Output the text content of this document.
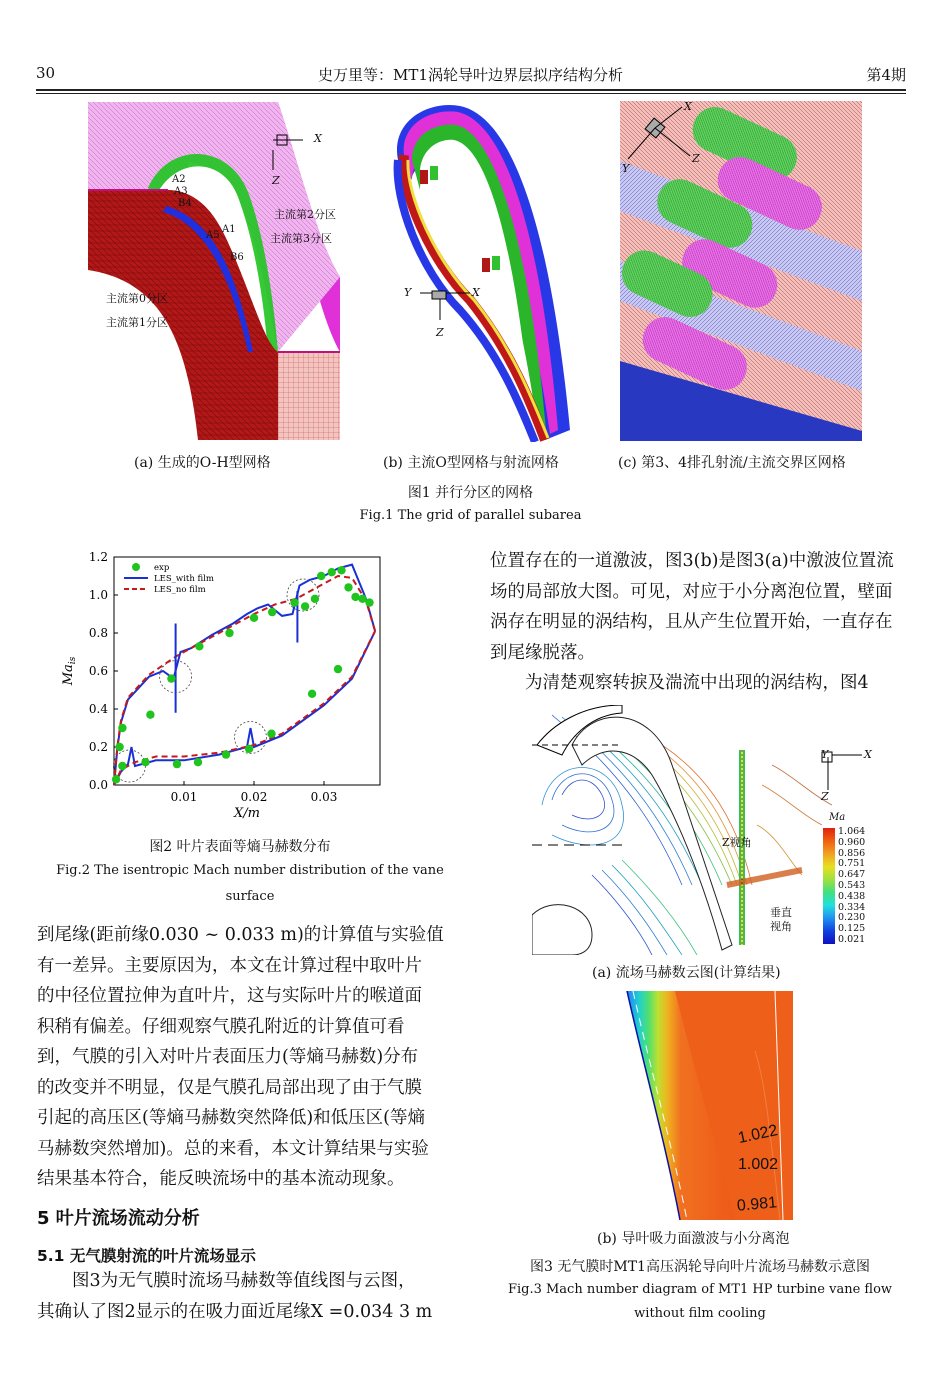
30	史万里等：MT1涡轮导叶边界层拟序结构分析	第4期
X
Z
A2
A3
B4
A5
A1
B6
主流第2分区
主流第3分区
主流第0分区
主流第1分区
(a) 生成的O-H型网格
Y	X
Z
(b) 主流O型网格与射流网格
X
Y
Z
(c) 第3、4排孔射流/主流交界区网格
图1 并行分区的网格
Fig.1 The grid of parallel subarea
0.0
0.2
0.4
0.6
0.8
1.0
1.2
0.01	0.02	0.03
X/m
$Ma_{is}$
exp
LES_with film
LES_no film
图2 叶片表面等熵马赫数分布
Fig.2 The isentropic Mach number distribution of the vane surface
到尾缘(距前缘0.030 ~ 0.033 m)的计算值与实验值
有一差异。主要原因为，本文在计算过程中取叶片
的中径位置拉伸为直叶片，这与实际叶片的喉道面
积稍有偏差。仔细观察气膜孔附近的计算值可看
到，气膜的引入对叶片表面压力(等熵马赫数)分布
的改变并不明显，仅是气膜孔局部出现了由于气膜
引起的高压区(等熵马赫数突然降低)和低压区(等熵
马赫数突然增加)。总的来看，本文计算结果与实验
结果基本符合，能反映流场中的基本流动现象。
5 叶片流场流动分析
5.1 无气膜射流的叶片流场显示
图3为无气膜时流场马赫数等值线图与云图，
其确认了图2显示的在吸力面近尾缘X =0.034 3 m
位置存在的一道激波，图3(b)是图3(a)中激波位置流
场的局部放大图。可见，对应于小分离泡位置，壁面
涡存在明显的涡结构，且从产生位置开始，一直存在
到尾缘脱落。
为清楚观察转捩及湍流中出现的涡结构，图4
X
Y
Z
Z视角
垂直
视角
Ma
1.064
0.960
0.856
0.751
0.647
0.543
0.438
0.334
0.230
0.125
0.021
(a) 流场马赫数云图(计算结果)
1.022
1.002
0.981
(b) 导叶吸力面激波与小分离泡
图3 无气膜时MT1高压涡轮导向叶片流场马赫数示意图
Fig.3 Mach number diagram of MT1 HP turbine vane flow
without film cooling
